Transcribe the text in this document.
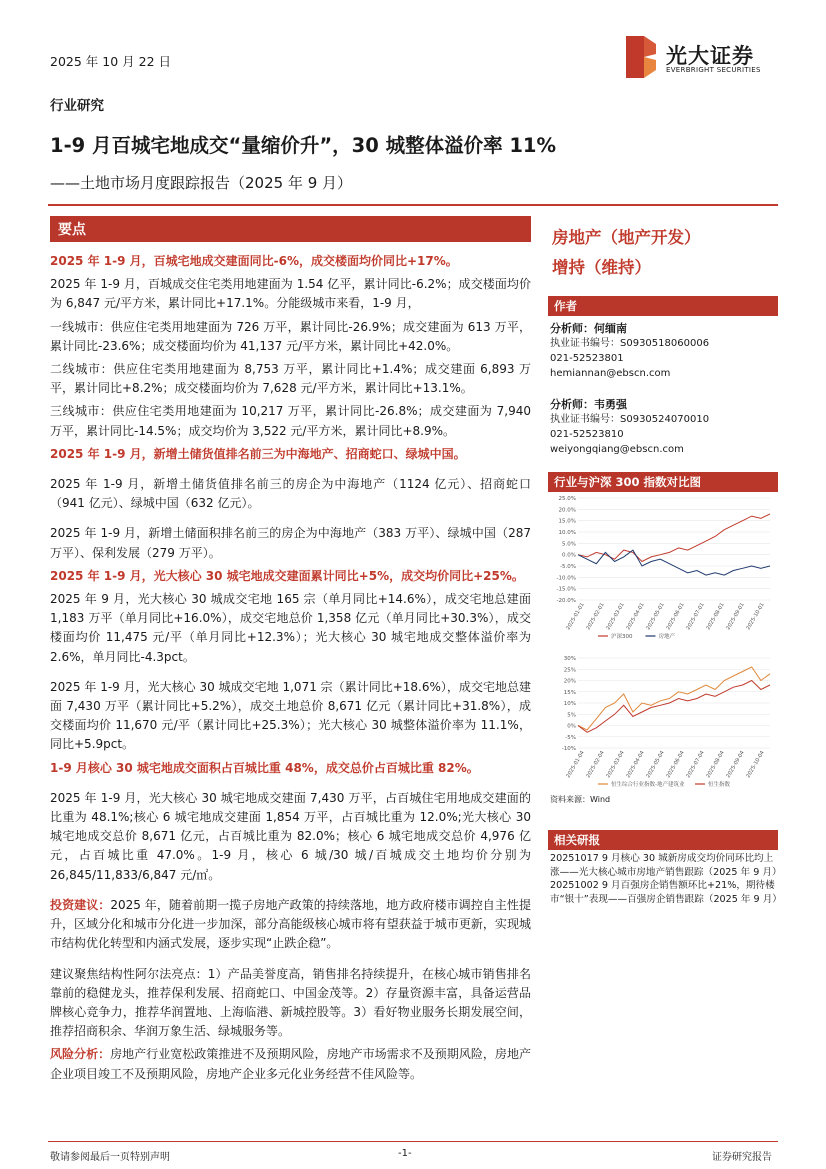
2025 年 10 月 22 日	光大证券
EVERBRIGHT SECURITIES
行业研究
1-9 月百城宅地成交“量缩价升”，30 城整体溢价率 11%
——土地市场月度跟踪报告（2025 年 9 月）
要点

2025 年 1-9 月，百城宅地成交建面同比-6%，成交楼面均价同比+17%。

2025 年 1-9 月，百城成交住宅类用地建面为 1.54 亿平，累计同比-6.2%；成交楼面均价为 6,847 元/平方米，累计同比+17.1%。分能级城市来看，1-9 月，

一线城市：供应住宅类用地建面为 726 万平，累计同比-26.9%；成交建面为 613 万平，累计同比-23.6%；成交楼面均价为 41,137 元/平方米，累计同比+42.0%。

二线城市：供应住宅类用地建面为 8,753 万平，累计同比+1.4%；成交建面 6,893 万平，累计同比+8.2%；成交楼面均价为 7,628 元/平方米，累计同比+13.1%。

三线城市：供应住宅类用地建面为 10,217 万平，累计同比-26.8%；成交建面为 7,940 万平，累计同比-14.5%；成交均价为 3,522 元/平方米，累计同比+8.9%。

2025 年 1-9 月，新增土储货值排名前三为中海地产、招商蛇口、绿城中国。

2025 年 1-9 月，新增土储货值排名前三的房企为中海地产（1124 亿元）、招商蛇口（941 亿元）、绿城中国（632 亿元）。

2025 年 1-9 月，新增土储面积排名前三的房企为中海地产（383 万平）、绿城中国（287 万平）、保利发展（279 万平）。

2025 年 1-9 月，光大核心 30 城宅地成交建面累计同比+5%，成交均价同比+25%。

2025 年 9 月，光大核心 30 城成交宅地 165 宗（单月同比+14.6%），成交宅地总建面 1,183 万平（单月同比+16.0%），成交宅地总价 1,358 亿元（单月同比+30.3%），成交楼面均价 11,475 元/平（单月同比+12.3%）；光大核心 30 城宅地成交整体溢价率为 2.6%，单月同比-4.3pct。

2025 年 1-9 月，光大核心 30 城成交宅地 1,071 宗（累计同比+18.6%），成交宅地总建面 7,430 万平（累计同比+5.2%），成交土地总价 8,671 亿元（累计同比+31.8%），成交楼面均价 11,670 元/平（累计同比+25.3%）；光大核心 30 城整体溢价率为 11.1%，同比+5.9pct。

1-9 月核心 30 城宅地成交面积占百城比重 48%，成交总价占百城比重 82%。

2025 年 1-9 月，光大核心 30 城宅地成交建面 7,430 万平，占百城住宅用地成交建面的比重为 48.1%;核心 6 城宅地成交建面 1,854 万平，占百城比重为 12.0%;光大核心 30 城宅地成交总价 8,671 亿元，占百城比重为 82.0%；核心 6 城宅地成交总价 4,976 亿元，占百城比重 47.0%。1-9 月，核心 6 城/30 城/百城成交土地均价分别为 26,845/11,833/6,847 元/㎡。

投资建议：2025 年，随着前期一揽子房地产政策的持续落地，地方政府楼市调控自主性提升，区域分化和城市分化进一步加深，部分高能级核心城市将有望获益于城市更新，实现城市结构优化转型和内涵式发展，逐步实现“止跌企稳”。

建议聚焦结构性阿尔法亮点：1）产品美誉度高，销售排名持续提升，在核心城市销售排名靠前的稳健龙头，推荐保利发展、招商蛇口、中国金茂等。2）存量资源丰富，具备运营品牌核心竞争力，推荐华润置地、上海临港、新城控股等。3）看好物业服务长期发展空间，推荐招商积余、华润万象生活、绿城服务等。

风险分析：房地产行业宽松政策推进不及预期风险，房地产市场需求不及预期风险，房地产企业项目竣工不及预期风险，房地产企业多元化业务经营不佳风险等。

房地产（地产开发）
增持（维持）
作者
分析师：何缅南
执业证书编号：S0930518060006
021-52523801
hemiannan@ebscn.com
分析师：韦勇强
执业证书编号：S0930524070010
021-52523810
weiyongqiang@ebscn.com
行业与沪深 300 指数对比图
25.0%
20.0%
15.0%
10.0%
5.0%
0.0%
-5.0%
-10.0%
-15.0%
-20.0%
2025-01-01 2025-02-01 2025-03-01 2025-04-01 2025-05-01 2025-06-01 2025-07-01 2025-08-01 2025-09-01 2025-10-01
沪深300	房地产
30%
25%
20%
15%
10%
5%
0%
-5%
-10%
2025-01-04 2025-02-04 2025-03-04 2025-04-04 2025-05-04 2025-06-04 2025-07-04 2025-08-04 2025-09-04 2025-10-04
恒生综合行业指数-地产建筑业	恒生指数
资料来源：Wind
相关研报
20251017 9 月核心 30 城新房成交均价同环比均上涨——光大核心城市房地产销售跟踪（2025 年 9 月）
20251002 9 月百强房企销售额环比+21%，期待楼市“银十”表现——百强房企销售跟踪（2025 年 9 月）
敬请参阅最后一页特别声明	-1-	证券研究报告
